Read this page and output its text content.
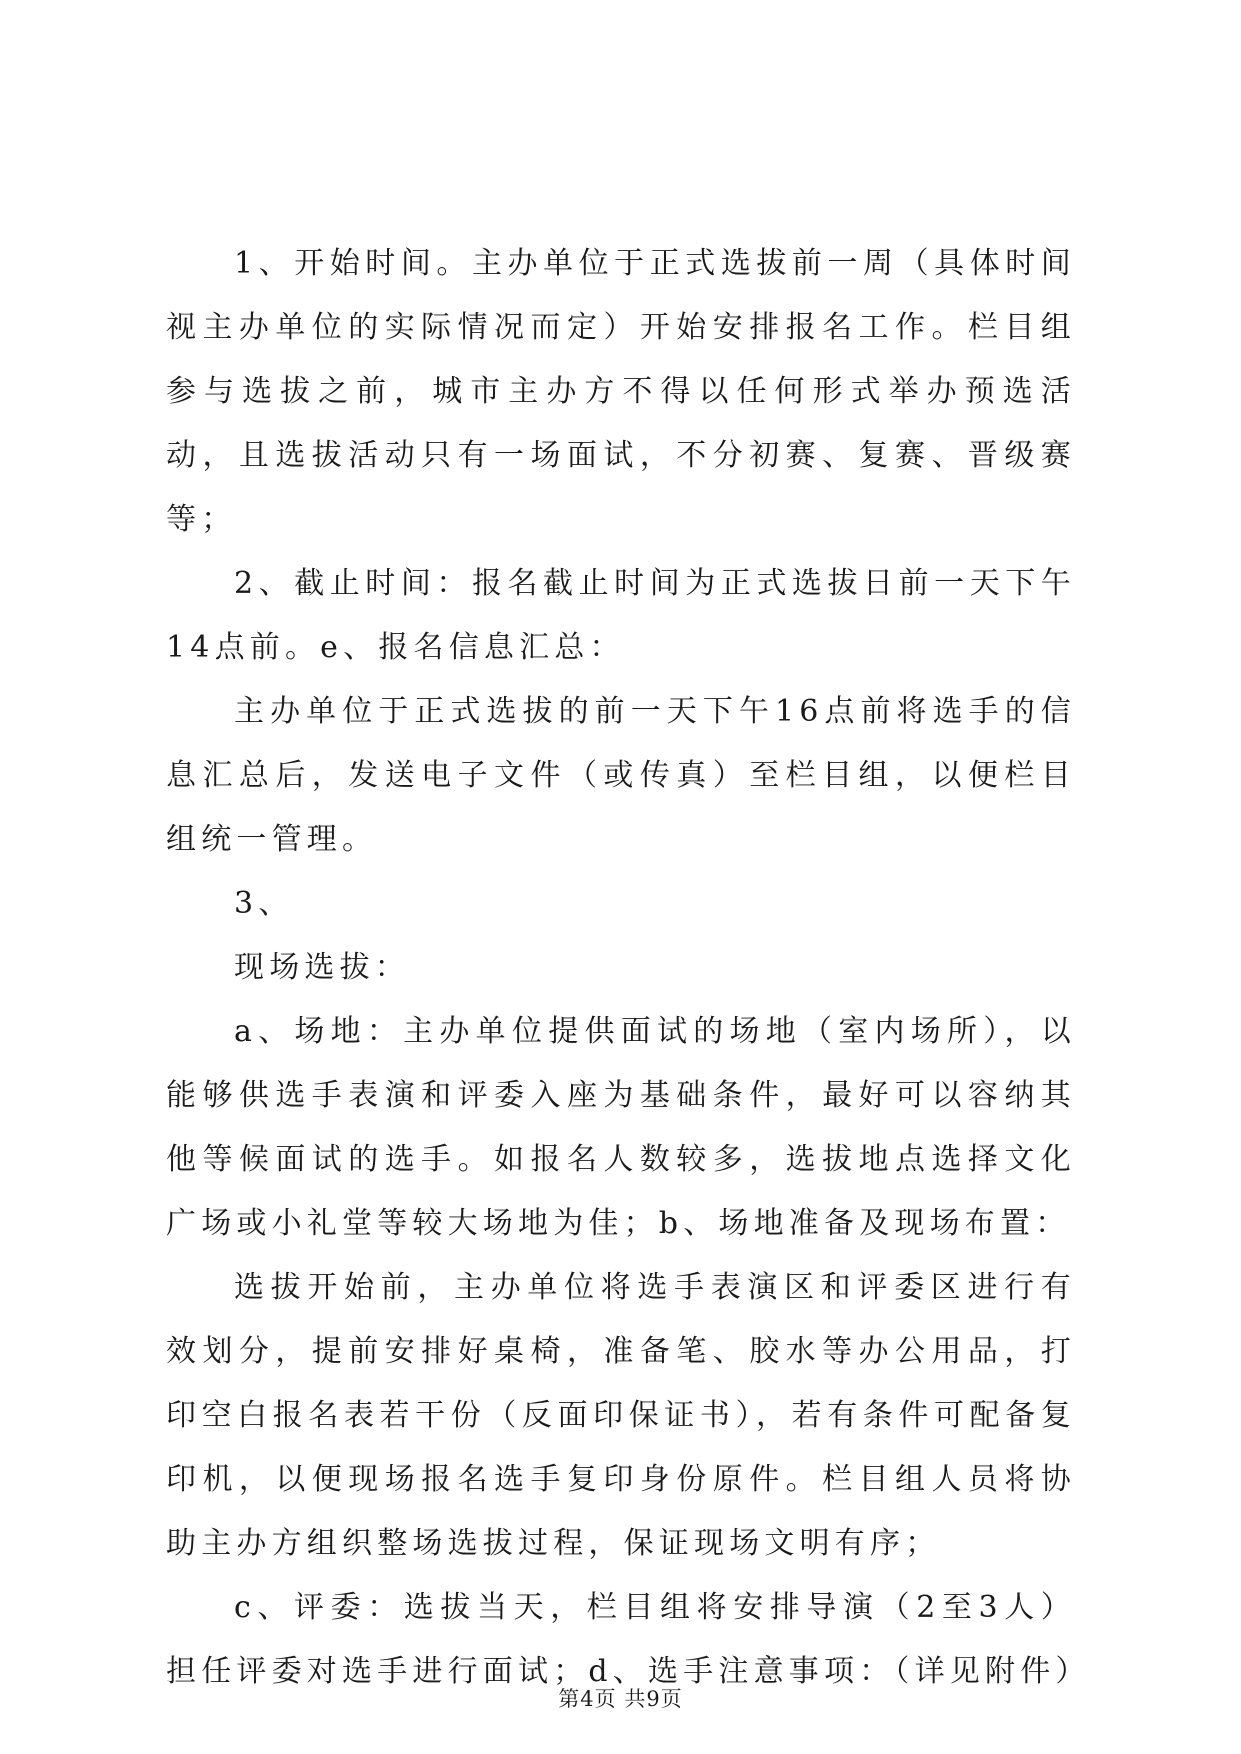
1、开始时间。主办单位于正式选拔前一周（具体时间视主办单位的实际情况而定）开始安排报名工作。栏目组参与选拔之前，城市主办方不得以任何形式举办预选活动，且选拔活动只有一场面试，不分初赛、复赛、晋级赛等；

2、截止时间：报名截止时间为正式选拔日前一天下午14点前。e、报名信息汇总：

主办单位于正式选拔的前一天下午16点前将选手的信息汇总后，发送电子文件（或传真）至栏目组，以便栏目组统一管理。

3、

现场选拔：

a、场地：主办单位提供面试的场地（室内场所），以能够供选手表演和评委入座为基础条件，最好可以容纳其他等候面试的选手。如报名人数较多，选拔地点选择文化广场或小礼堂等较大场地为佳；b、场地准备及现场布置：

选拔开始前，主办单位将选手表演区和评委区进行有效划分，提前安排好桌椅，准备笔、胶水等办公用品，打印空白报名表若干份（反面印保证书），若有条件可配备复印机，以便现场报名选手复印身份原件。栏目组人员将协助主办方组织整场选拔过程，保证现场文明有序；

c、评委：选拔当天，栏目组将安排导演（2至3人）担任评委对选手进行面试；d、选手注意事项：（详见附件）

第4页 共9页
